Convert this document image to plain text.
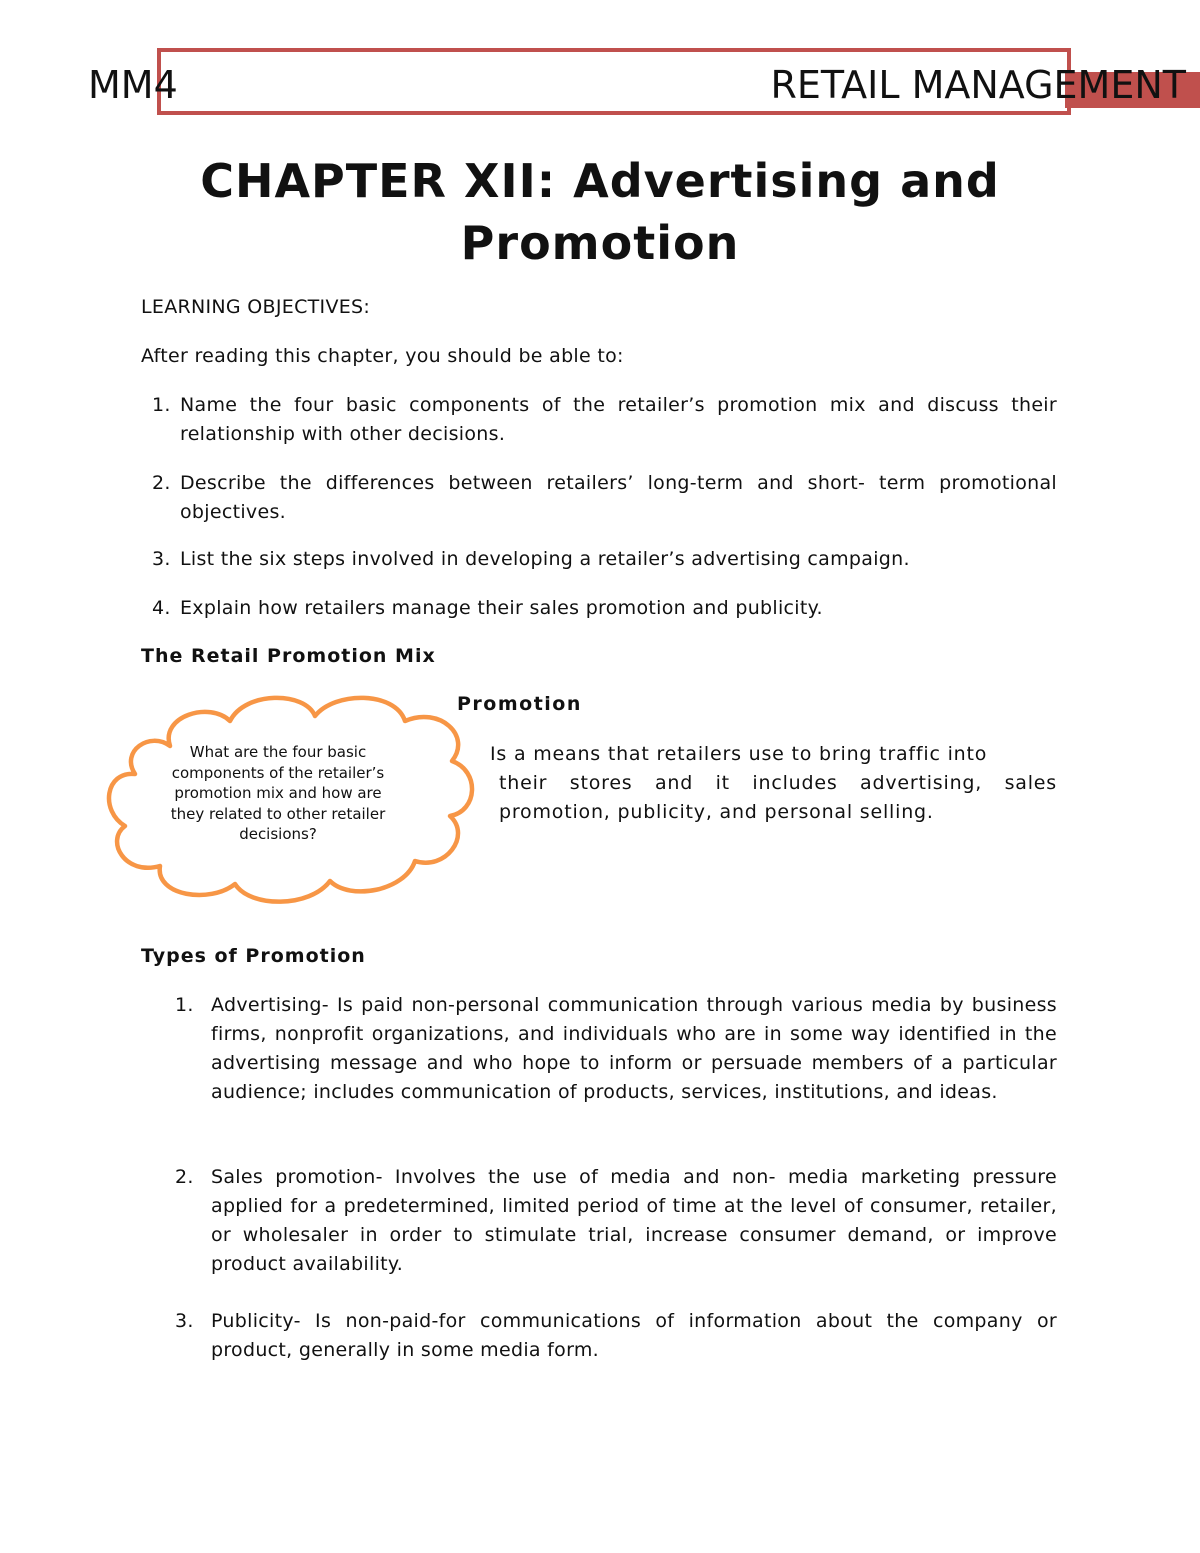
MM4	RETAIL MANAGEMENT
CHAPTER XII: Advertising and Promotion
LEARNING OBJECTIVES:
After reading this chapter, you should be able to:
1. Name the four basic components of the retailer’s promotion mix and discuss their relationship with other decisions.
2. Describe the differences between retailers’ long-term and short- term promotional objectives.
3. List the six steps involved in developing a retailer’s advertising campaign.
4. Explain how retailers manage their sales promotion and publicity.
The Retail Promotion Mix
What are the four basic components of the retailer’s promotion mix and how are they related to other retailer decisions?
Promotion
Is a means that retailers use to bring traffic into
their stores and it includes advertising, sales promotion, publicity, and personal selling.
Types of Promotion
1. Advertising- Is paid non-personal communication through various media by business firms, nonprofit organizations, and individuals who are in some way identified in the advertising message and who hope to inform or persuade members of a particular audience; includes communication of products, services, institutions, and ideas.
2. Sales promotion- Involves the use of media and non- media marketing pressure applied for a predetermined, limited period of time at the level of consumer, retailer, or wholesaler in order to stimulate trial, increase consumer demand, or improve product availability.
3. Publicity- Is non-paid-for communications of information about the company or product, generally in some media form.
